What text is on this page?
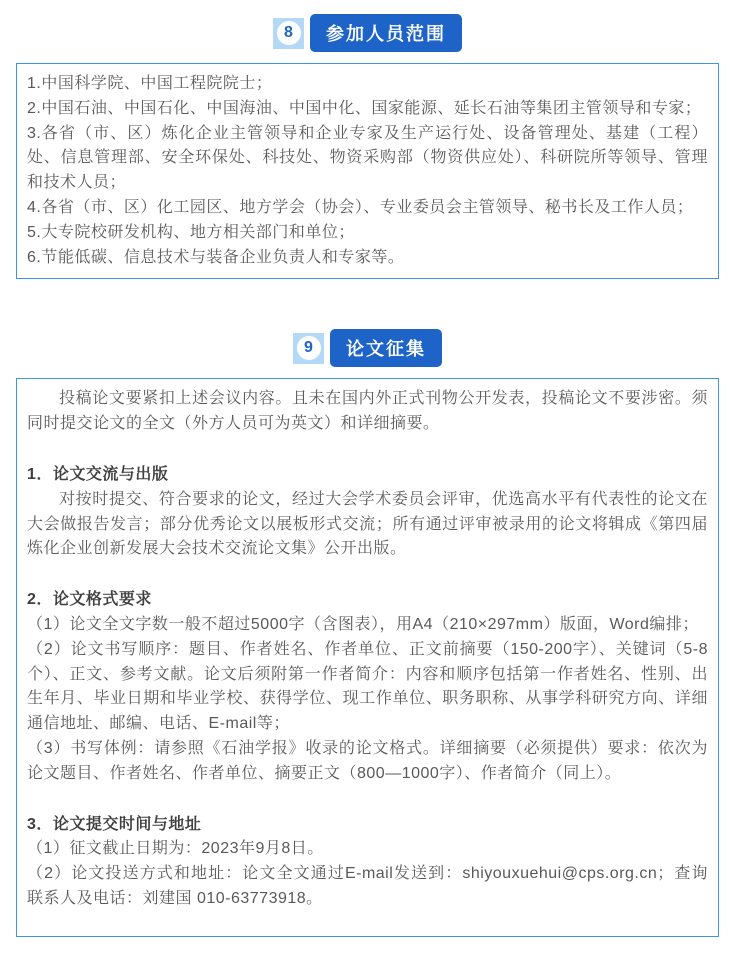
8	参加人员范围

1.中国科学院、中国工程院院士；

2.中国石油、中国石化、中国海油、中国中化、国家能源、延长石油等集团主管领导和专家；

3.各省（市、区）炼化企业主管领导和企业专家及生产运行处、设备管理处、基建（工程）处、信息管理部、安全环保处、科技处、物资采购部（物资供应处）、科研院所等领导、管理和技术人员；

4.各省（市、区）化工园区、地方学会（协会）、专业委员会主管领导、秘书长及工作人员；

5.大专院校研发机构、地方相关部门和单位；

6.节能低碳、信息技术与装备企业负责人和专家等。

9	论文征集

投稿论文要紧扣上述会议内容。且未在国内外正式刊物公开发表，投稿论文不要涉密。须同时提交论文的全文（外方人员可为英文）和详细摘要。

1．论文交流与出版

对按时提交、符合要求的论文，经过大会学术委员会评审，优选高水平有代表性的论文在大会做报告发言；部分优秀论文以展板形式交流；所有通过评审被录用的论文将辑成《第四届炼化企业创新发展大会技术交流论文集》公开出版。

2．论文格式要求

（1）论文全文字数一般不超过5000字（含图表），用A4（210×297mm）版面，Word编排；

（2）论文书写顺序：题目、作者姓名、作者单位、正文前摘要（150-200字）、关键词（5-8个）、正文、参考文献。论文后须附第一作者简介：内容和顺序包括第一作者姓名、性别、出生年月、毕业日期和毕业学校、获得学位、现工作单位、职务职称、从事学科研究方向、详细通信地址、邮编、电话、E-mail等；

（3）书写体例：请参照《石油学报》收录的论文格式。详细摘要（必须提供）要求：依次为论文题目、作者姓名、作者单位、摘要正文（800—1000字）、作者简介（同上）。

3．论文提交时间与地址

（1）征文截止日期为：2023年9月8日。

（2）论文投送方式和地址：论文全文通过E-mail发送到：shiyouxuehui@cps.org.cn；查询联系人及电话：刘建国 010-63773918。
